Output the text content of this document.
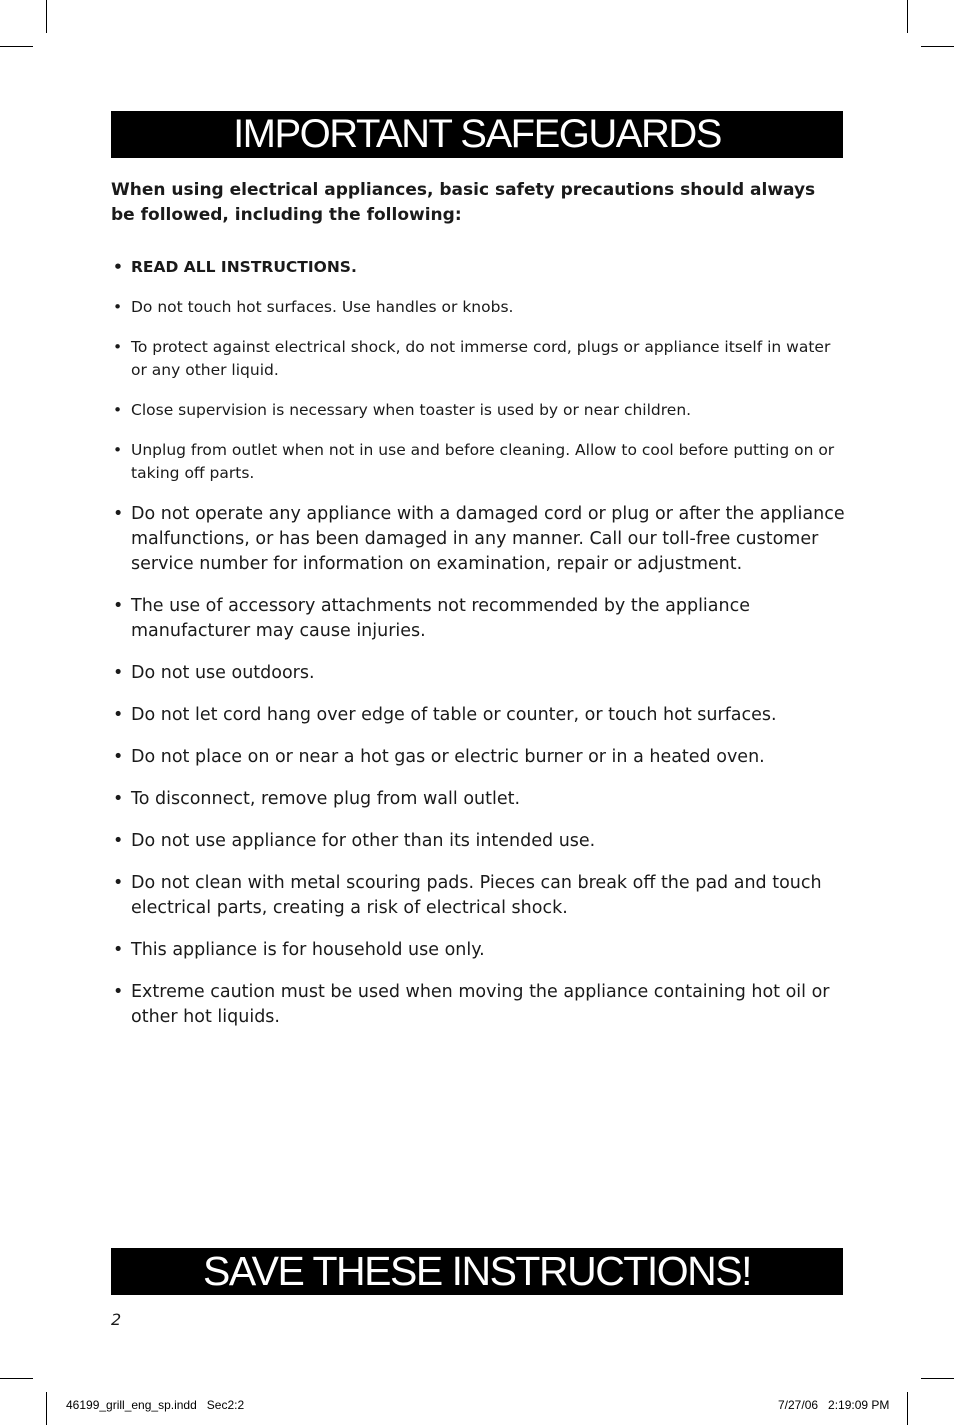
IMPORTANT SAFEGUARDS

When using electrical appliances, basic safety precautions should always be followed, including the following:

• READ ALL INSTRUCTIONS.
• Do not touch hot surfaces. Use handles or knobs.
• To protect against electrical shock, do not immerse cord, plugs or appliance itself in water or any other liquid.
• Close supervision is necessary when toaster is used by or near children.
• Unplug from outlet when not in use and before cleaning. Allow to cool before putting on or taking off parts.
• Do not operate any appliance with a damaged cord or plug or after the appliance malfunctions, or has been damaged in any manner. Call our toll-free customer service number for information on examination, repair or adjustment.
• The use of accessory attachments not recommended by the appliance manufacturer may cause injuries.
• Do not use outdoors.
• Do not let cord hang over edge of table or counter, or touch hot surfaces.
• Do not place on or near a hot gas or electric burner or in a heated oven.
• To disconnect, remove plug from wall outlet.
• Do not use appliance for other than its intended use.
• Do not clean with metal scouring pads. Pieces can break off the pad and touch electrical parts, creating a risk of electrical shock.
• This appliance is for household use only.
• Extreme caution must be used when moving the appliance containing hot oil or other hot liquids.
SAVE THESE INSTRUCTIONS!
2
46199_grill_eng_sp.indd   Sec2:2	7/27/06   2:19:09 PM
